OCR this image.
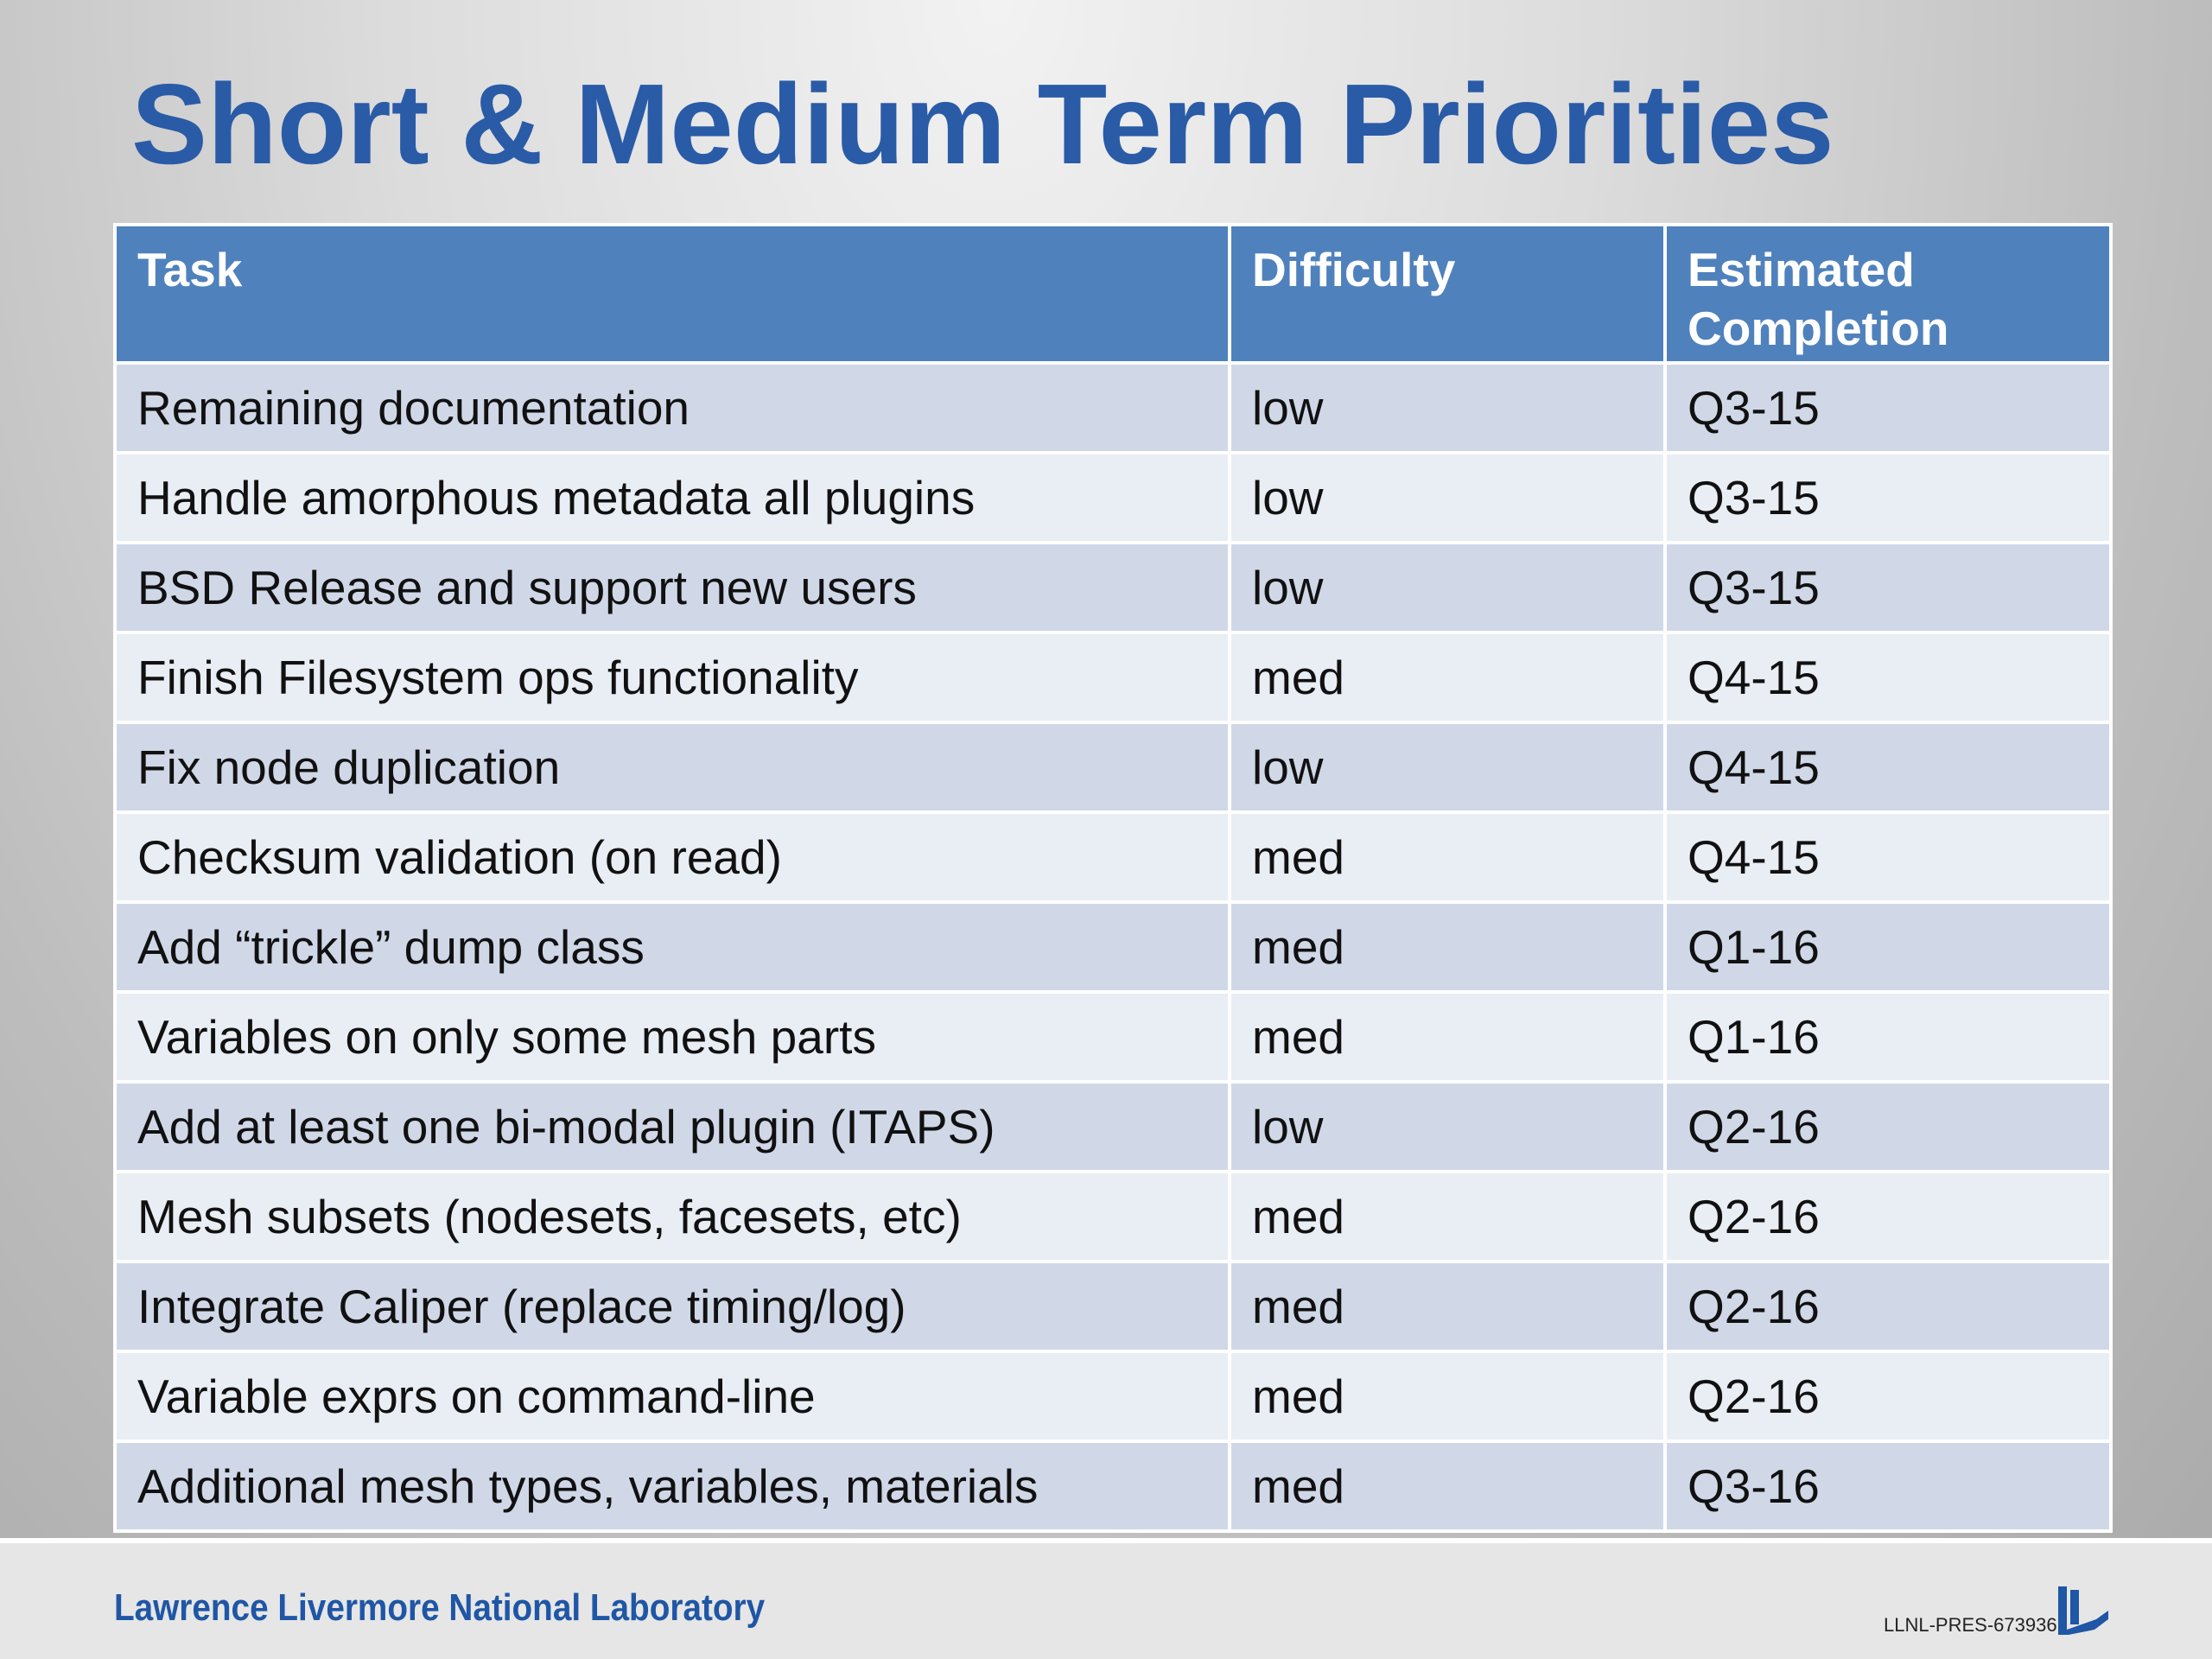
Short & Medium Term Priorities
Task	Difficulty	Estimated Completion
Remaining documentation	low	Q3-15
Handle amorphous metadata all plugins	low	Q3-15
BSD Release and support new users	low	Q3-15
Finish Filesystem ops functionality	med	Q4-15
Fix node duplication	low	Q4-15
Checksum validation (on read)	med	Q4-15
Add “trickle” dump class	med	Q1-16
Variables on only some mesh parts	med	Q1-16
Add at least one bi-modal plugin (ITAPS)	low	Q2-16
Mesh subsets (nodesets, facesets, etc)	med	Q2-16
Integrate Caliper (replace timing/log)	med	Q2-16
Variable exprs on command-line	med	Q2-16
Additional mesh types, variables, materials	med	Q3-16
Lawrence Livermore National Laboratory	LLNL-PRES-673936
